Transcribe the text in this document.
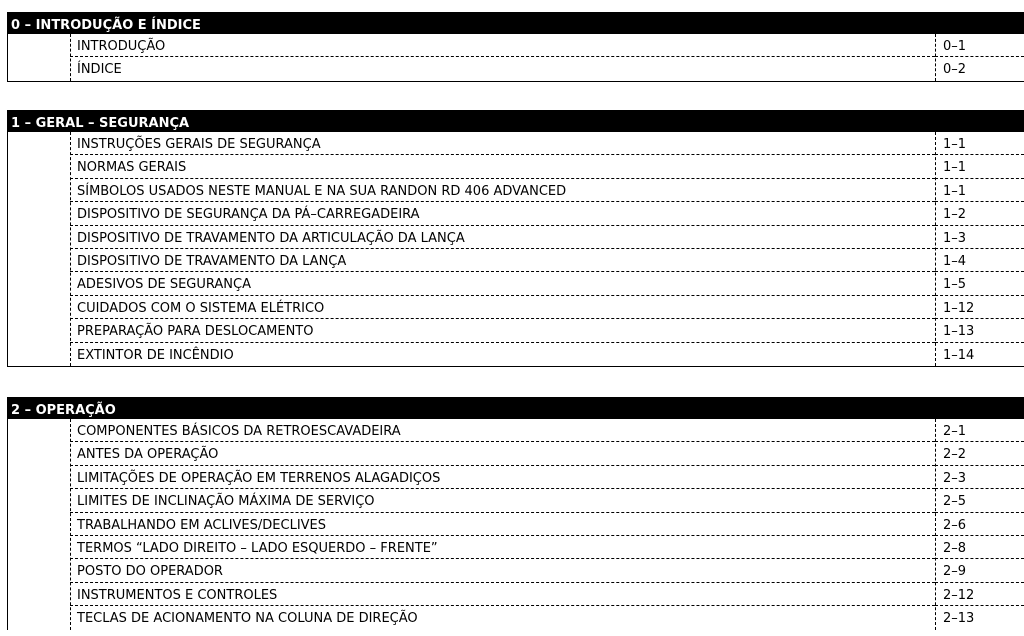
0 – INTRODUÇÃO E ÍNDICE
INTRODUÇÃO	0–1
ÍNDICE	0–2
1 – GERAL – SEGURANÇA
INSTRUÇÕES GERAIS DE SEGURANÇA	1–1
NORMAS GERAIS	1–1
SÍMBOLOS USADOS NESTE MANUAL E NA SUA RANDON RD 406 ADVANCED	1–1
DISPOSITIVO DE SEGURANÇA DA PÁ–CARREGADEIRA	1–2
DISPOSITIVO DE TRAVAMENTO DA ARTICULAÇÃO DA LANÇA	1–3
DISPOSITIVO DE TRAVAMENTO DA LANÇA	1–4
ADESIVOS DE SEGURANÇA	1–5
CUIDADOS COM O SISTEMA ELÉTRICO	1–12
PREPARAÇÃO PARA DESLOCAMENTO	1–13
EXTINTOR DE INCÊNDIO	1–14
2 – OPERAÇÃO
COMPONENTES BÁSICOS DA RETROESCAVADEIRA	2–1
ANTES DA OPERAÇÃO	2–2
LIMITAÇÕES DE OPERAÇÃO EM TERRENOS ALAGADIÇOS	2–3
LIMITES DE INCLINAÇÃO MÁXIMA DE SERVIÇO	2–5
TRABALHANDO EM ACLIVES/DECLIVES	2–6
TERMOS “LADO DIREITO – LADO ESQUERDO – FRENTE”	2–8
POSTO DO OPERADOR	2–9
INSTRUMENTOS E CONTROLES	2–12
TECLAS DE ACIONAMENTO NA COLUNA DE DIREÇÃO	2–13
